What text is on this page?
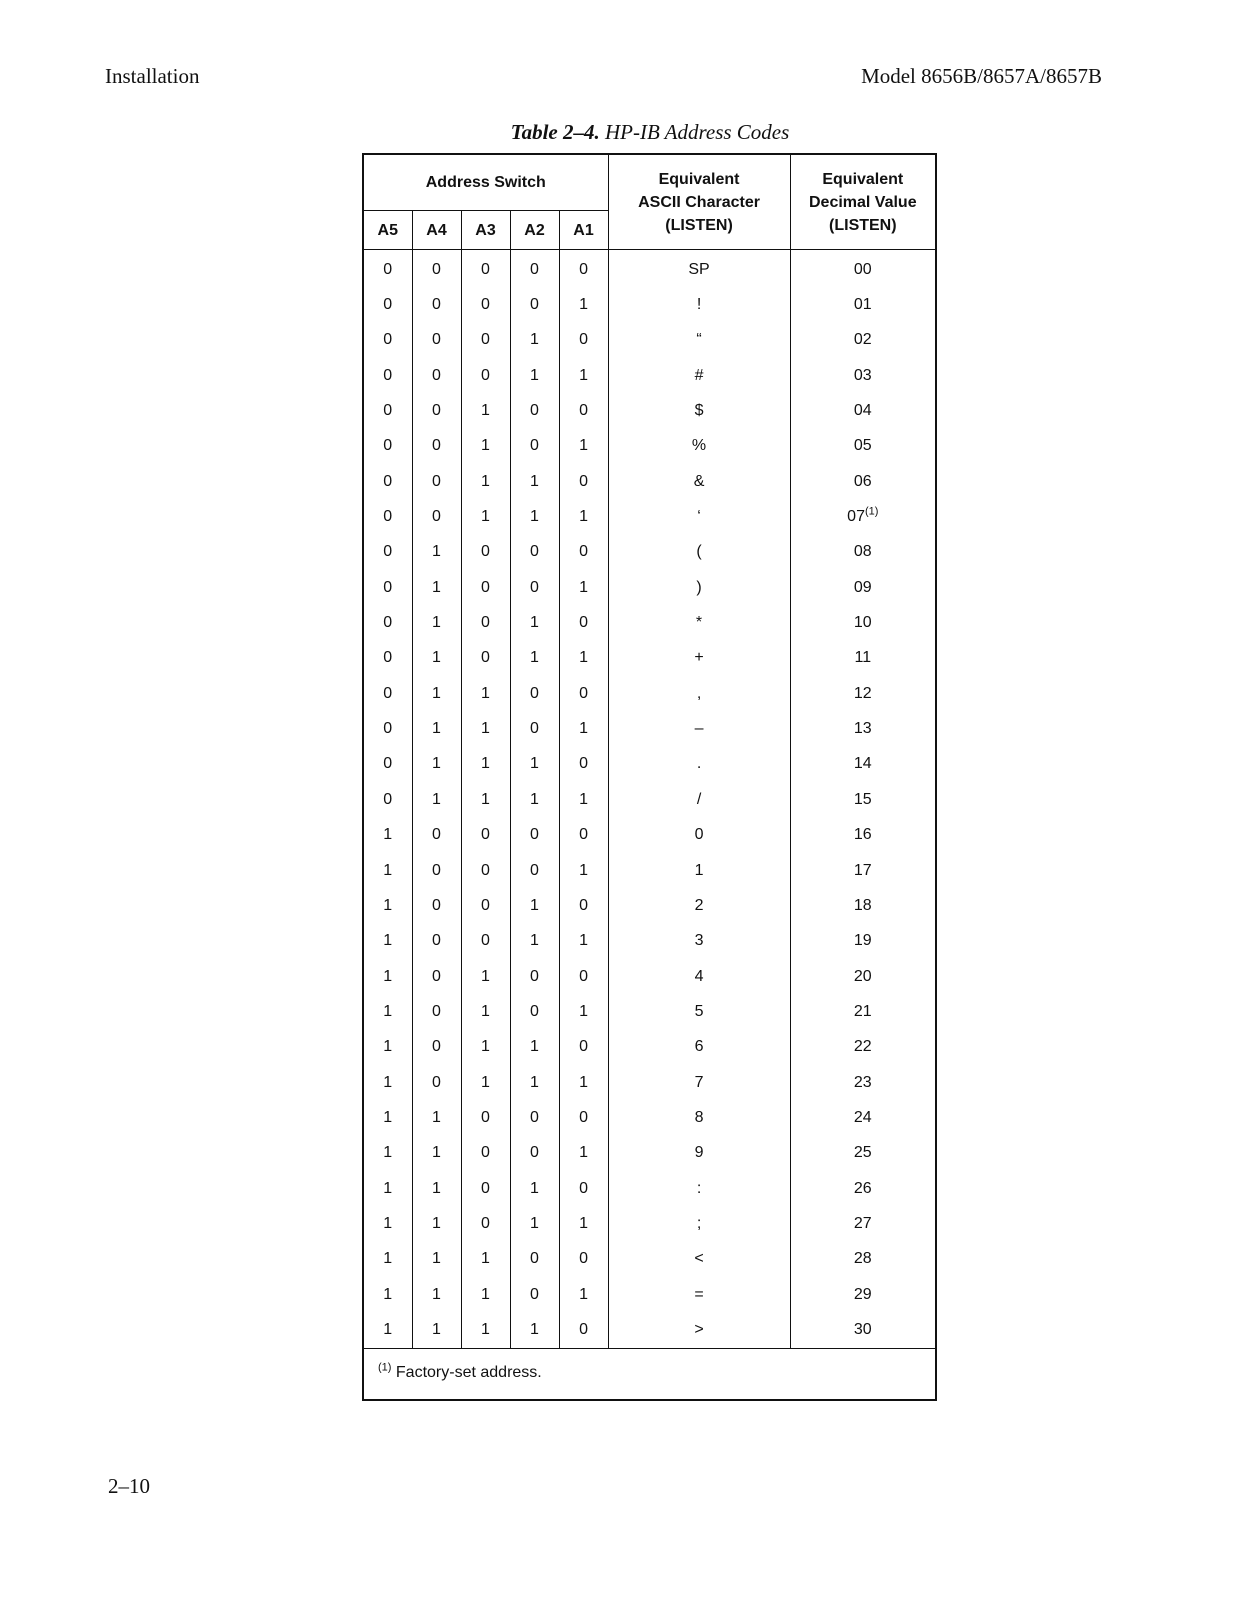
Installation	Model 8656B/8657A/8657B
Table 2–4. HP-IB Address Codes
Address Switch					Equivalent
ASCII Character
(LISTEN)	Equivalent
Decimal Value
(LISTEN)
A5	A4	A3	A2	A1		
0	0	0	0	0	SP	00
0	0	0	0	1	!	01
0	0	0	1	0	“	02
0	0	0	1	1	#	03
0	0	1	0	0	$	04
0	0	1	0	1	%	05
0	0	1	1	0	&	06
0	0	1	1	1	‘	07$^{(1)}$
0	1	0	0	0	(	08
0	1	0	0	1	)	09
0	1	0	1	0	*	10
0	1	0	1	1	+	11
0	1	1	0	0	,	12
0	1	1	0	1	–	13
0	1	1	1	0	.	14
0	1	1	1	1	/	15
1	0	0	0	0	0	16
1	0	0	0	1	1	17
1	0	0	1	0	2	18
1	0	0	1	1	3	19
1	0	1	0	0	4	20
1	0	1	0	1	5	21
1	0	1	1	0	6	22
1	0	1	1	1	7	23
1	1	0	0	0	8	24
1	1	0	0	1	9	25
1	1	0	1	0	:	26
1	1	0	1	1	;	27
1	1	1	0	0	<	28
1	1	1	0	1	=	29
1	1	1	1	0	>	30
$^{(1)}$ Factory-set address.						
2–10
